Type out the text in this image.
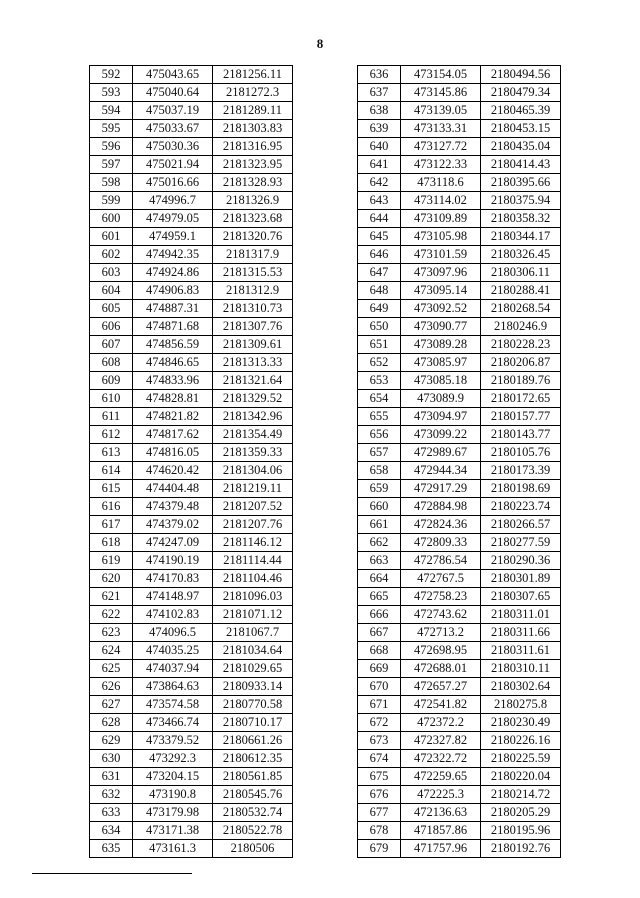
8
592	475043.65	2181256.11
593	475040.64	2181272.3
594	475037.19	2181289.11
595	475033.67	2181303.83
596	475030.36	2181316.95
597	475021.94	2181323.95
598	475016.66	2181328.93
599	474996.7	2181326.9
600	474979.05	2181323.68
601	474959.1	2181320.76
602	474942.35	2181317.9
603	474924.86	2181315.53
604	474906.83	2181312.9
605	474887.31	2181310.73
606	474871.68	2181307.76
607	474856.59	2181309.61
608	474846.65	2181313.33
609	474833.96	2181321.64
610	474828.81	2181329.52
611	474821.82	2181342.96
612	474817.62	2181354.49
613	474816.05	2181359.33
614	474620.42	2181304.06
615	474404.48	2181219.11
616	474379.48	2181207.52
617	474379.02	2181207.76
618	474247.09	2181146.12
619	474190.19	2181114.44
620	474170.83	2181104.46
621	474148.97	2181096.03
622	474102.83	2181071.12
623	474096.5	2181067.7
624	474035.25	2181034.64
625	474037.94	2181029.65
626	473864.63	2180933.14
627	473574.58	2180770.58
628	473466.74	2180710.17
629	473379.52	2180661.26
630	473292.3	2180612.35
631	473204.15	2180561.85
632	473190.8	2180545.76
633	473179.98	2180532.74
634	473171.38	2180522.78
635	473161.3	2180506
636	473154.05	2180494.56
637	473145.86	2180479.34
638	473139.05	2180465.39
639	473133.31	2180453.15
640	473127.72	2180435.04
641	473122.33	2180414.43
642	473118.6	2180395.66
643	473114.02	2180375.94
644	473109.89	2180358.32
645	473105.98	2180344.17
646	473101.59	2180326.45
647	473097.96	2180306.11
648	473095.14	2180288.41
649	473092.52	2180268.54
650	473090.77	2180246.9
651	473089.28	2180228.23
652	473085.97	2180206.87
653	473085.18	2180189.76
654	473089.9	2180172.65
655	473094.97	2180157.77
656	473099.22	2180143.77
657	472989.67	2180105.76
658	472944.34	2180173.39
659	472917.29	2180198.69
660	472884.98	2180223.74
661	472824.36	2180266.57
662	472809.33	2180277.59
663	472786.54	2180290.36
664	472767.5	2180301.89
665	472758.23	2180307.65
666	472743.62	2180311.01
667	472713.2	2180311.66
668	472698.95	2180311.61
669	472688.01	2180310.11
670	472657.27	2180302.64
671	472541.82	2180275.8
672	472372.2	2180230.49
673	472327.82	2180226.16
674	472322.72	2180225.59
675	472259.65	2180220.04
676	472225.3	2180214.72
677	472136.63	2180205.29
678	471857.86	2180195.96
679	471757.96	2180192.76
